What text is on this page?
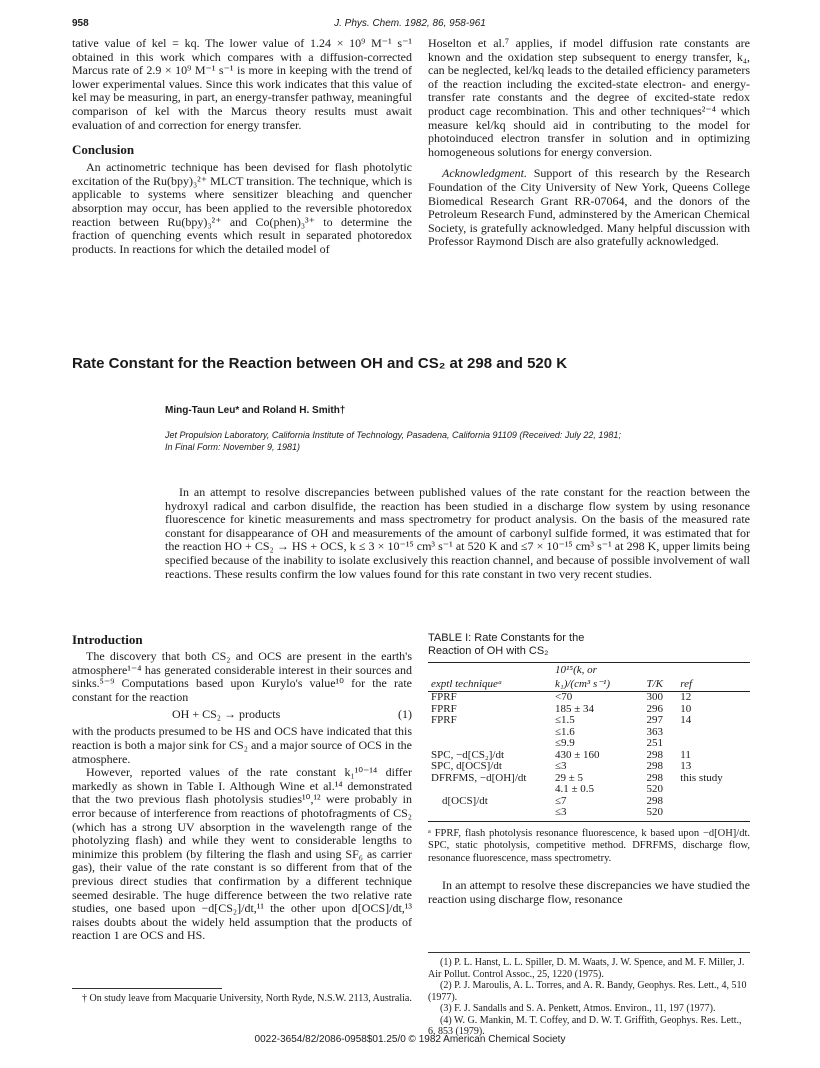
958	J. Phys. Chem. 1982, 86, 958-961

tative value of kel = kq. The lower value of 1.24 × 10⁹ M⁻¹ s⁻¹ obtained in this work which compares with a diffusion-corrected Marcus rate of 2.9 × 10⁹ M⁻¹ s⁻¹ is more in keeping with the trend of lower experimental values. Since this work indicates that this value of kel may be measuring, in part, an energy-transfer pathway, meaningful comparison of kel with the Marcus theory results must await evaluation of and correction for energy transfer.

Conclusion

An actinometric technique has been devised for flash photolytic excitation of the Ru(bpy)₃²⁺ MLCT transition. The technique, which is applicable to systems where sensitizer bleaching and quencher absorption may occur, has been applied to the reversible photoredox reaction between Ru(bpy)₃²⁺ and Co(phen)₃³⁺ to determine the fraction of quenching events which result in separated photoredox products. In reactions for which the detailed model of

Hoselton et al.⁷ applies, if model diffusion rate constants are known and the oxidation step subsequent to energy transfer, k₄, can be neglected, kel/kq leads to the detailed efficiency parameters of the reaction including the excited-state electron- and energy-transfer rate constants and the degree of excited-state redox product cage recombination. This and other techniques²⁻⁴ which measure kel/kq should aid in contributing to the model for photoinduced electron transfer in solution and in optimizing homogeneous solutions for energy conversion.

Acknowledgment. Support of this research by the Research Foundation of the City University of New York, Queens College Biomedical Research Grant RR-07064, and the donors of the Petroleum Research Fund, adminstered by the American Chemical Society, is gratefully acknowledged. Many helpful discussion with Professor Raymond Disch are also gratefully acknowledged.

Rate Constant for the Reaction between OH and CS₂ at 298 and 520 K
Ming-Taun Leu* and Roland H. Smith†
Jet Propulsion Laboratory, California Institute of Technology, Pasadena, California 91109 (Received: July 22, 1981;
In Final Form: November 9, 1981)

In an attempt to resolve discrepancies between published values of the rate constant for the reaction between the hydroxyl radical and carbon disulfide, the reaction has been studied in a discharge flow system by using resonance fluorescence for kinetic measurements and mass spectrometry for product analysis. On the basis of the measured rate constant for disappearance of OH and measurements of the amount of carbonyl sulfide formed, it was estimated that for the reaction HO + CS₂ → HS + OCS, k ≤ 3 × 10⁻¹⁵ cm³ s⁻¹ at 520 K and ≤7 × 10⁻¹⁵ cm³ s⁻¹ at 298 K, upper limits being specified because of the inability to isolate exclusively this reaction channel, and because of possible involvement of wall reactions. These results confirm the low values found for this rate constant in two very recent studies.

Introduction

The discovery that both CS₂ and OCS are present in the earth's atmosphere¹⁻⁴ has generated considerable interest in their sources and sinks.⁵⁻⁹ Computations based upon Kurylo's value¹⁰ for the rate constant for the reaction

OH + CS₂ → products	(1)

with the products presumed to be HS and OCS have indicated that this reaction is both a major sink for CS₂ and a major source of OCS in the atmosphere.

However, reported values of the rate constant k₁¹⁰⁻¹⁴ differ markedly as shown in Table I. Although Wine et al.¹⁴ demonstrated that the two previous flash photolysis studies¹⁰,¹² were probably in error because of interference from reactions of photofragments of CS₂ (which has a strong UV absorption in the wavelength range of the photolyzing flash) and while they went to considerable lengths to minimize this problem (by filtering the flash and using SF₆ as carrier gas), their value of the rate constant is so different from that of the previous direct studies that confirmation by a different technique seemed desirable. The huge difference between the two relative rate studies, one based upon −d[CS₂]/dt,¹¹ the other upon d[OCS]/dt,¹³ raises doubts about the widely held assumption that the products of reaction 1 are OCS and HS.

† On study leave from Macquarie University, North Ryde, N.S.W. 2113, Australia.
TABLE I: Rate Constants for the
Reaction of OH with CS₂
	10¹⁵(k, or		
exptl techniqueᵃ	k₁)/(cm³ s⁻¹)	T/K	ref
FPRF	<70	300	12
FPRF	185 ± 34	296	10
FPRF	≤1.5	297	14
	≤1.6	363	
	≤9.9	251	
SPC, −d[CS₂]/dt	430 ± 160	298	11
SPC, d[OCS]/dt	≤3	298	13
DFRFMS, −d[OH]/dt	29 ± 5	298	this study
	4.1 ± 0.5	520	
d[OCS]/dt	≤7	298	
	≤3	520	
ᵃ FPRF, flash photolysis resonance fluorescence, k based upon −d[OH]/dt. SPC, static photolysis, competitive method. DFRFMS, discharge flow, resonance fluorescence, mass spectrometry.

In an attempt to resolve these discrepancies we have studied the reaction using discharge flow, resonance

(1) P. L. Hanst, L. L. Spiller, D. M. Waats, J. W. Spence, and M. F. Miller, J. Air Pollut. Control Assoc., 25, 1220 (1975).

(2) P. J. Maroulis, A. L. Torres, and A. R. Bandy, Geophys. Res. Lett., 4, 510 (1977).

(3) F. J. Sandalls and S. A. Penkett, Atmos. Environ., 11, 197 (1977).

(4) W. G. Mankin, M. T. Coffey, and D. W. T. Griffith, Geophys. Res. Lett., 6, 853 (1979).

0022-3654/82/2086-0958$01.25/0 © 1982 American Chemical Society
